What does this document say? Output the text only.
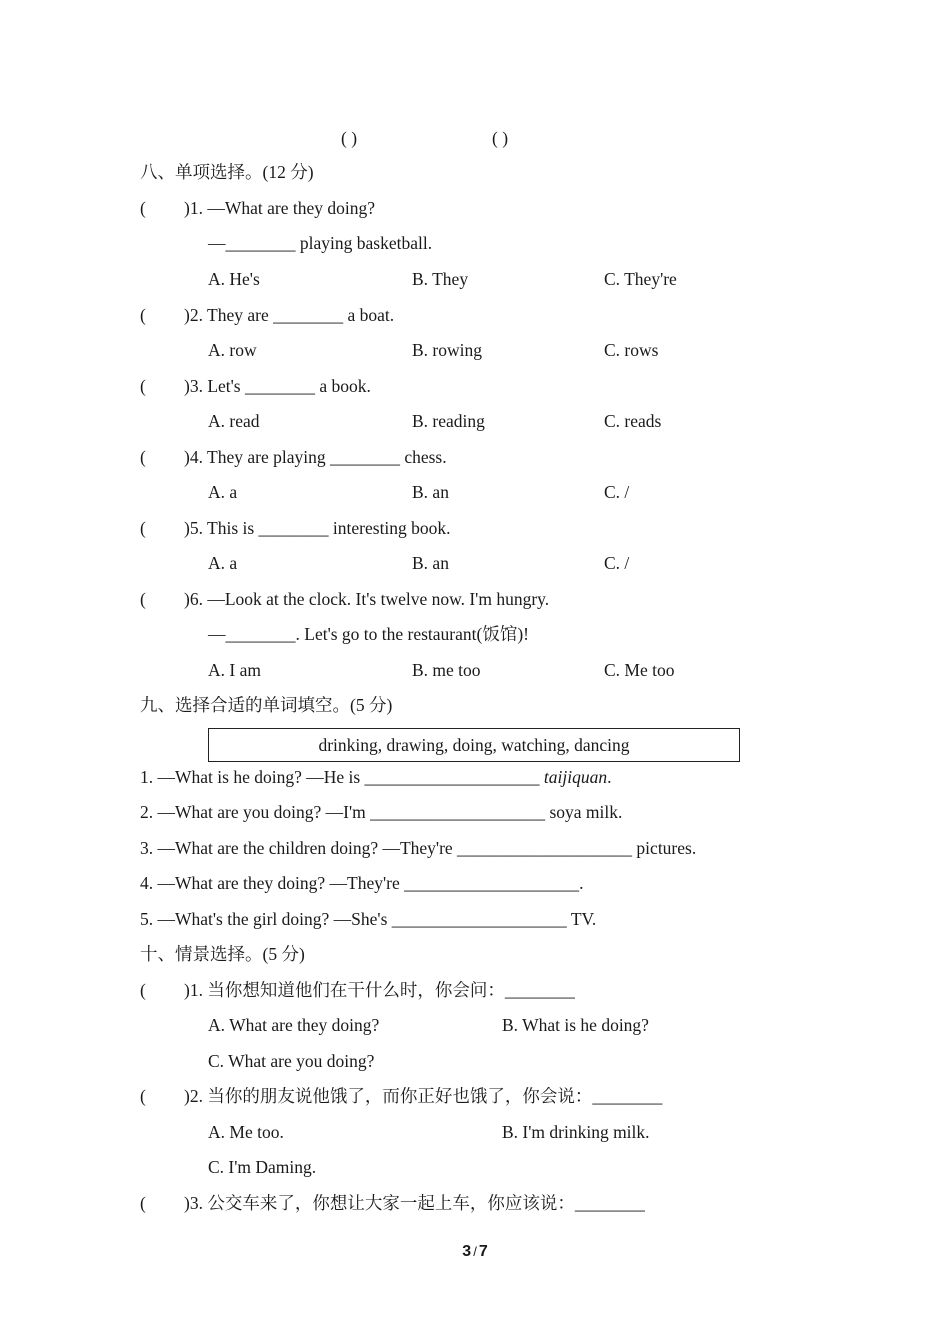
( )	( )
八、单项选择。(12 分)
( )1. —What are they doing?
—________ playing basketball.
A. He's	B. They	C. They're
( )2. They are ________ a boat.
A. row	B. rowing	C. rows
( )3. Let's ________ a book.
A. read	B. reading	C. reads
( )4. They are playing ________ chess.
A. a	B. an	C. /
( )5. This is ________ interesting book.
A. a	B. an	C. /
( )6. —Look at the clock. It's twelve now. I'm hungry.
—________. Let's go to the restaurant(饭馆)!
A. I am	B. me too	C. Me too
九、选择合适的单词填空。(5 分)
drinking, drawing, doing, watching, dancing
1. —What is he doing? —He is ____________________ taijiquan.
2. —What are you doing? —I'm ____________________ soya milk.
3. —What are the children doing? —They're ____________________ pictures.
4. —What are they doing? —They're ____________________.
5. —What's the girl doing? —She's ____________________ TV.
十、情景选择。(5 分)
( )1. 当你想知道他们在干什么时，你会问：________
A. What are they doing?	B. What is he doing?
C. What are you doing?
( )2. 当你的朋友说他饿了，而你正好也饿了，你会说：________
A. Me too.	B. I'm drinking milk.
C. I'm Daming.
( )3. 公交车来了，你想让大家一起上车，你应该说：________
3 / 7
